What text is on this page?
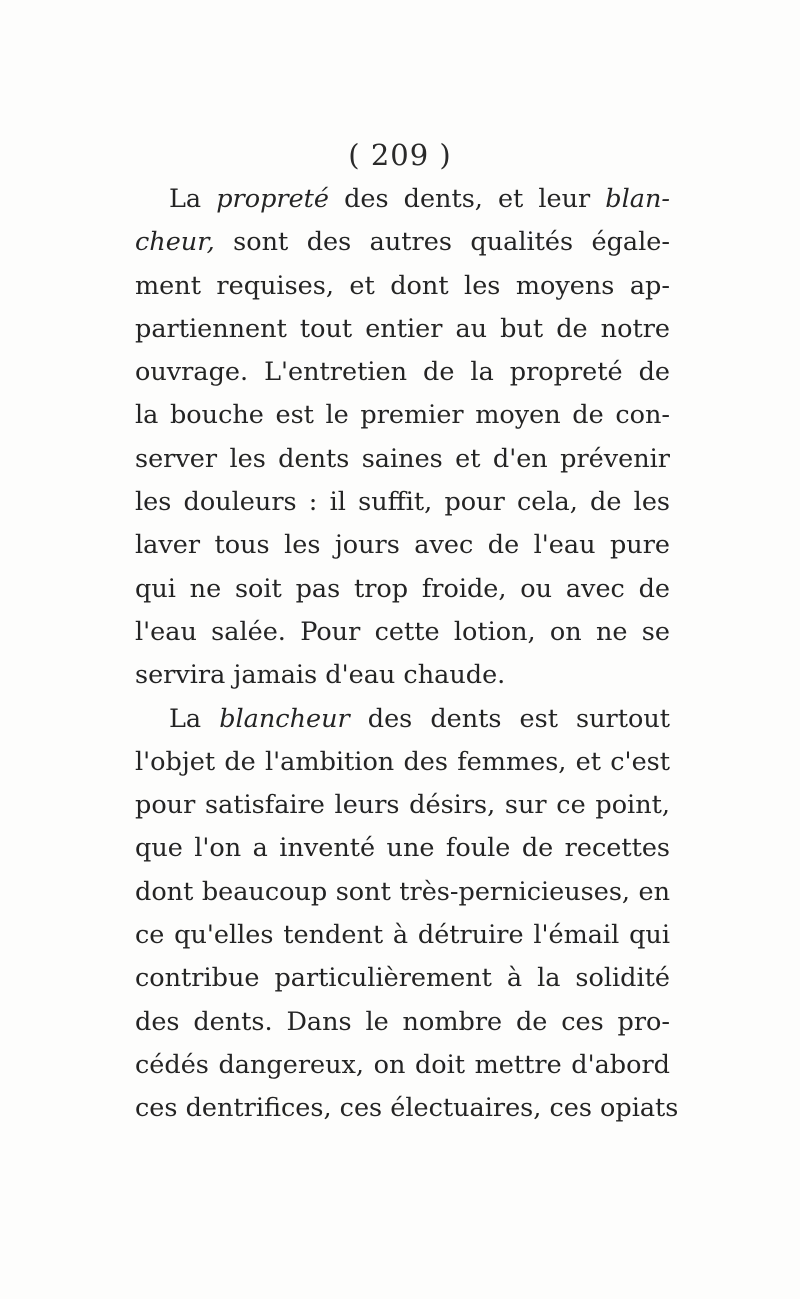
( 209 )
La propreté des dents, et leur blan-
cheur, sont des autres qualités égale-
ment requises, et dont les moyens ap-
partiennent tout entier au but de notre
ouvrage. L'entretien de la propreté de
la bouche est le premier moyen de con-
server les dents saines et d'en prévenir
les douleurs : il suffit, pour cela, de les
laver tous les jours avec de l'eau pure
qui ne soit pas trop froide, ou avec de
l'eau salée. Pour cette lotion, on ne se
servira jamais d'eau chaude.
La blancheur des dents est surtout
l'objet de l'ambition des femmes, et c'est
pour satisfaire leurs désirs, sur ce point,
que l'on a inventé une foule de recettes
dont beaucoup sont très-pernicieuses, en
ce qu'elles tendent à détruire l'émail qui
contribue particulièrement à la solidité
des dents. Dans le nombre de ces pro-
cédés dangereux, on doit mettre d'abord
ces dentrifices, ces électuaires, ces opiats
